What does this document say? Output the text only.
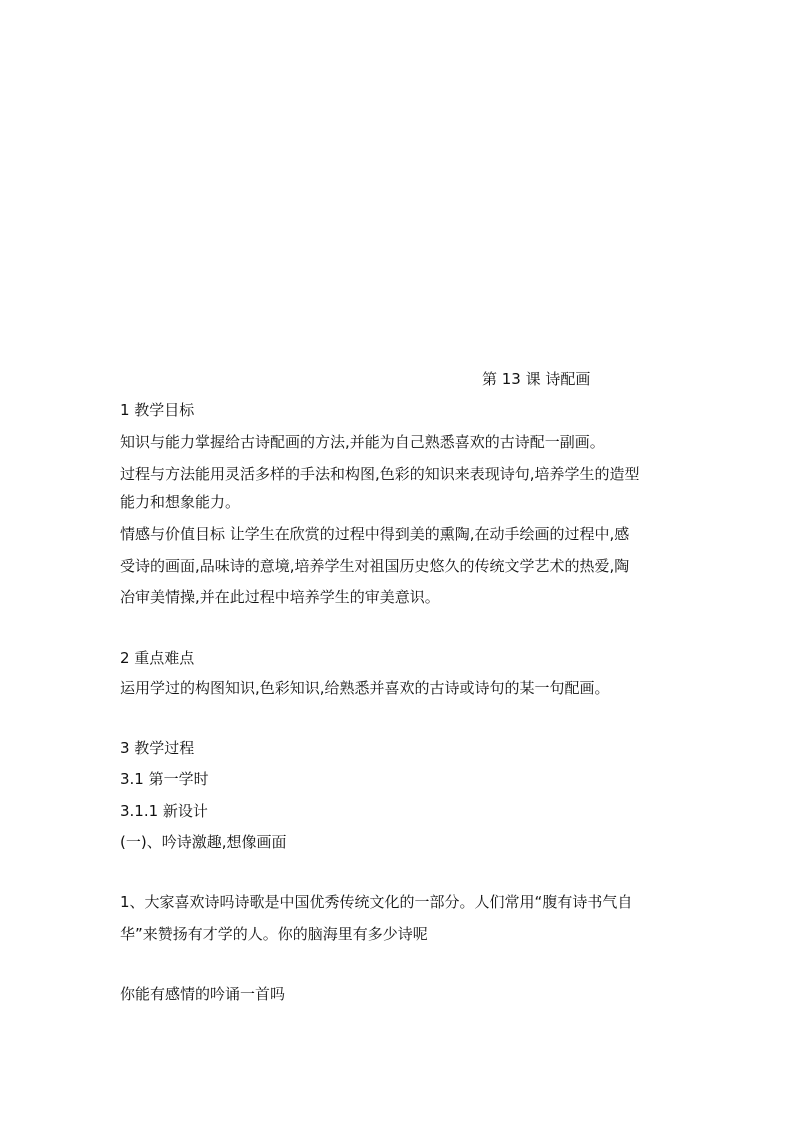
第 13 课 诗配画
1 教学目标
知识与能力掌握给古诗配画的方法,并能为自己熟悉喜欢的古诗配一副画。
过程与方法能用灵活多样的手法和构图,色彩的知识来表现诗句,培养学生的造型
能力和想象能力。
情感与价值目标 让学生在欣赏的过程中得到美的熏陶,在动手绘画的过程中,感
受诗的画面,品味诗的意境,培养学生对祖国历史悠久的传统文学艺术的热爱,陶
冶审美情操,并在此过程中培养学生的审美意识。
2 重点难点
运用学过的构图知识,色彩知识,给熟悉并喜欢的古诗或诗句的某一句配画。
3 教学过程
3.1 第一学时
3.1.1 新设计
(一)、吟诗激趣,想像画面
1、大家喜欢诗吗诗歌是中国优秀传统文化的一部分。人们常用“腹有诗书气自
华”来赞扬有才学的人。你的脑海里有多少诗呢
你能有感情的吟诵一首吗
